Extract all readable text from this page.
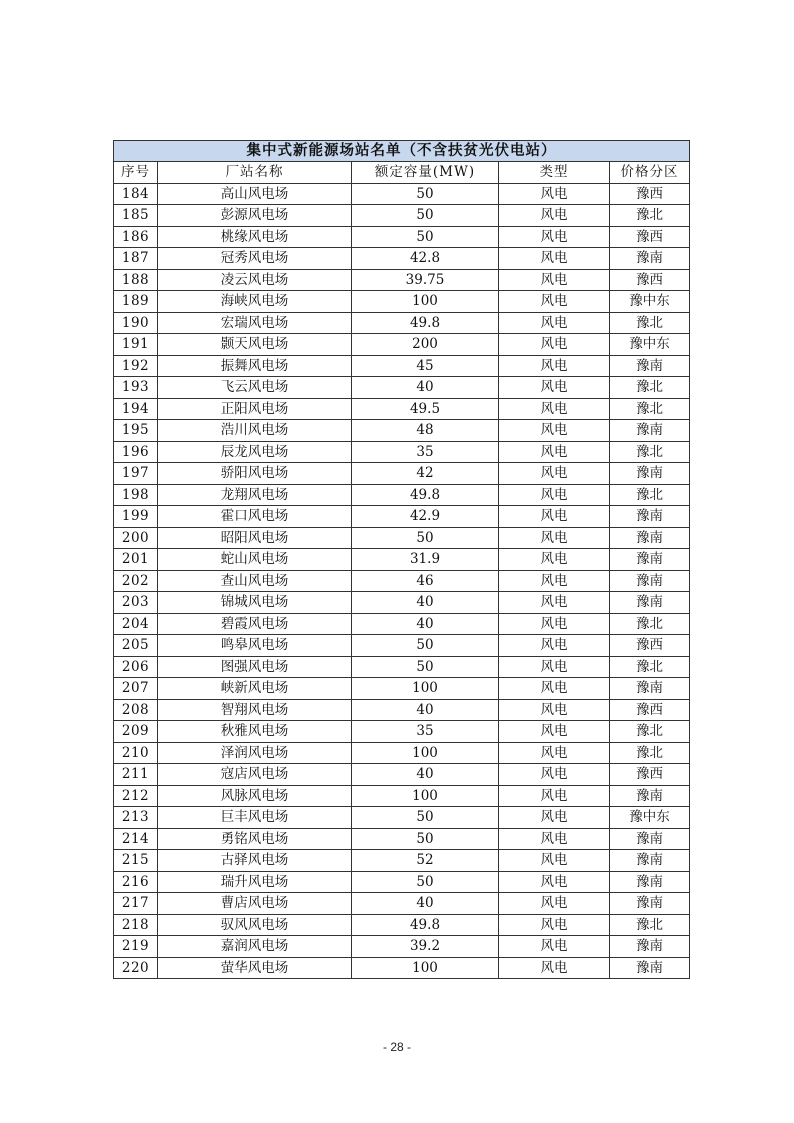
集中式新能源场站名单（不含扶贫光伏电站）				
序号	厂站名称	额定容量(MW)	类型	价格分区
184	高山风电场	50	风电	豫西
185	彭源风电场	50	风电	豫北
186	桃缘风电场	50	风电	豫西
187	冠秀风电场	42.8	风电	豫南
188	凌云风电场	39.75	风电	豫西
189	海峡风电场	100	风电	豫中东
190	宏瑞风电场	49.8	风电	豫北
191	颢天风电场	200	风电	豫中东
192	振舞风电场	45	风电	豫南
193	飞云风电场	40	风电	豫北
194	正阳风电场	49.5	风电	豫北
195	浩川风电场	48	风电	豫南
196	辰龙风电场	35	风电	豫北
197	骄阳风电场	42	风电	豫南
198	龙翔风电场	49.8	风电	豫北
199	霍口风电场	42.9	风电	豫南
200	昭阳风电场	50	风电	豫南
201	蛇山风电场	31.9	风电	豫南
202	查山风电场	46	风电	豫南
203	锦城风电场	40	风电	豫南
204	碧霞风电场	40	风电	豫北
205	鸣皋风电场	50	风电	豫西
206	图强风电场	50	风电	豫北
207	峡新风电场	100	风电	豫南
208	智翔风电场	40	风电	豫西
209	秋雅风电场	35	风电	豫北
210	泽润风电场	100	风电	豫北
211	寇店风电场	40	风电	豫西
212	风脉风电场	100	风电	豫南
213	巨丰风电场	50	风电	豫中东
214	勇铭风电场	50	风电	豫南
215	古驿风电场	52	风电	豫南
216	瑞升风电场	50	风电	豫南
217	曹店风电场	40	风电	豫南
218	驭风风电场	49.8	风电	豫北
219	嘉润风电场	39.2	风电	豫南
220	萤华风电场	100	风电	豫南
- 28 -
